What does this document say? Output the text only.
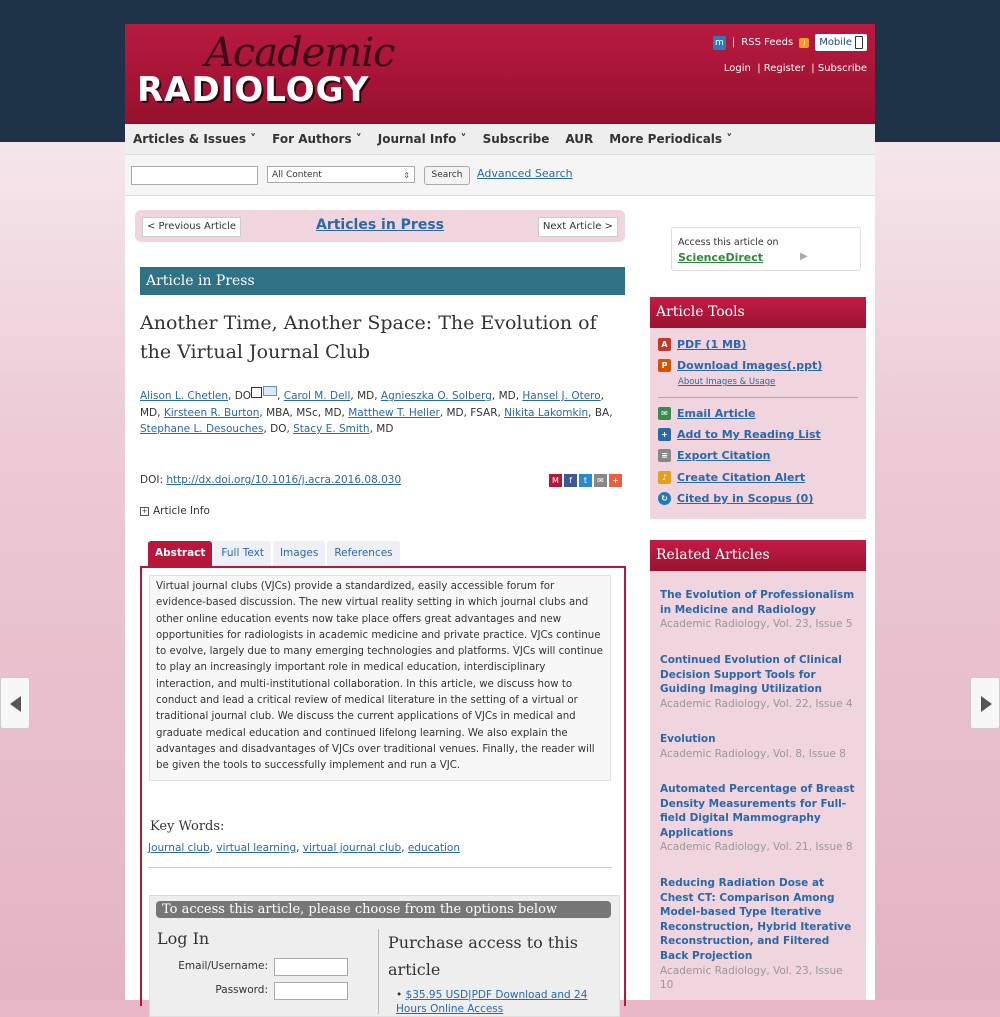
Academic
RADIOLOGY
m | RSS Feeds	)	Mobile
Login | Register | Subscribe
Articles & Issues ˅	For Authors ˅	Journal Info ˅	Subscribe	AUR	More Periodicals ˅
All Content	⇕	Search	Advanced Search
Articles in Press
< Previous Article	Next Article >
Article in Press
Another Time, Another Space: The Evolution of the Virtual Journal Club
Alison L. Chetlen, DO , Carol M. Dell, MD, Agnieszka O. Solberg, MD, Hansel J. Otero, MD, Kirsteen R. Burton, MBA, MSc, MD, Matthew T. Heller, MD, FSAR, Nikita Lakomkin, BA, Stephane L. Desouches, DO, Stacy E. Smith, MD
DOI: http://dx.doi.org/10.1016/j.acra.2016.08.030	M	f	t	✉	+
+ Article Info
Abstract	Full Text	Images	References
Virtual journal clubs (VJCs) provide a standardized, easily accessible forum for evidence-based discussion. The new virtual reality setting in which journal clubs and other online education events now take place offers great advantages and new opportunities for radiologists in academic medicine and private practice. VJCs continue to evolve, largely due to many emerging technologies and platforms. VJCs will continue to play an increasingly important role in medical education, interdisciplinary interaction, and multi-institutional collaboration. In this article, we discuss how to conduct and lead a critical review of medical literature in the setting of a virtual or traditional journal club. We discuss the current applications of VJCs in medical and graduate medical education and continued lifelong learning. We also explain the advantages and disadvantages of VJCs over traditional venues. Finally, the reader will be given the tools to successfully implement and run a VJC.
Key Words:
Journal club, virtual learning, virtual journal club, education
To access this article, please choose from the options below
Log In
Email/Username:
Password:
Purchase access to this article
• $35.95 USD|PDF Download and 24 Hours Online Access
Access this article on
ScienceDirect	▶
Article Tools
A PDF (1 MB)
P Download Images(.ppt)
About Images & Usage
✉ Email Article
+ Add to My Reading List
≡ Export Citation
♪ Create Citation Alert
↻ Cited by in Scopus (0)
Related Articles
The Evolution of Professionalism in Medicine and Radiology
Academic Radiology, Vol. 23, Issue 5
Continued Evolution of Clinical Decision Support Tools for Guiding Imaging Utilization
Academic Radiology, Vol. 22, Issue 4
Evolution
Academic Radiology, Vol. 8, Issue 8
Automated Percentage of Breast Density Measurements for Full-field Digital Mammography Applications
Academic Radiology, Vol. 21, Issue 8
Reducing Radiation Dose at Chest CT: Comparison Among Model-based Type Iterative Reconstruction, Hybrid Iterative Reconstruction, and Filtered Back Projection
Academic Radiology, Vol. 23, Issue 10
